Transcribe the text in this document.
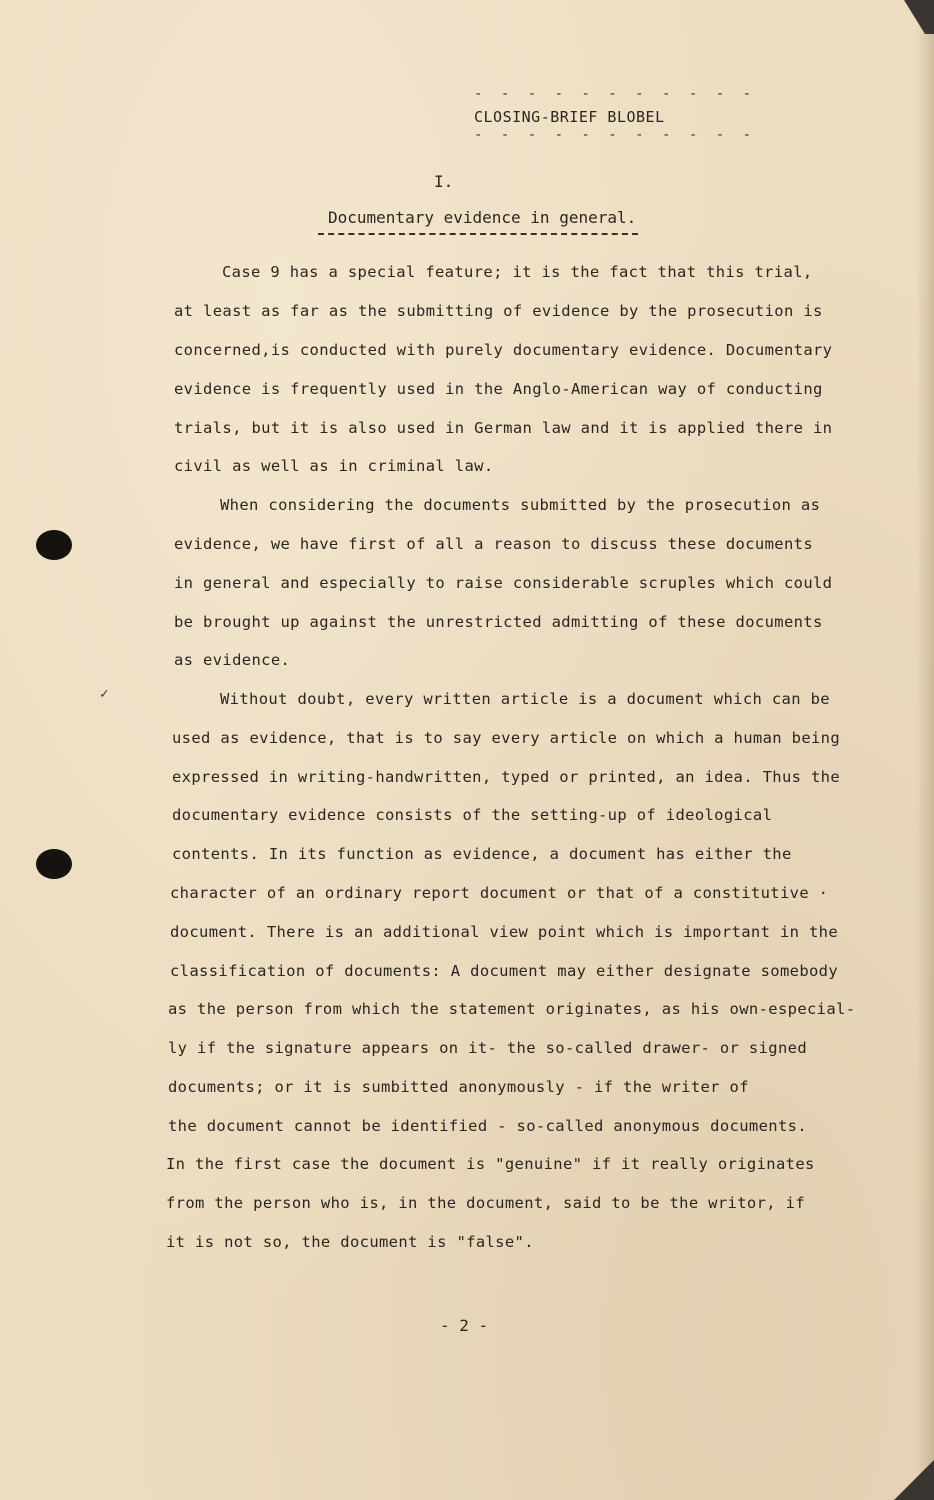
✓
- - - - - - - - - - -
CLOSING-BRIEF BLOBEL
- - - - - - - - - - -
I.
Documentary evidence in general.
Case 9 has a special feature; it is the fact that this trial,
at least as far as the submitting of evidence by the prosecution is
concerned,is conducted with purely documentary evidence. Documentary
evidence is frequently used in the Anglo-American way of conducting
trials, but it is also used in German law and it is applied there in
civil as well as in criminal law.
When considering the documents submitted by the prosecution as
evidence, we have first of all a reason to discuss these documents
in general and especially to raise considerable scruples which could
be brought up against the unrestricted admitting of these documents
as evidence.
Without doubt, every written article is a document which can be
used as evidence, that is to say every article on which a human being
expressed in writing-handwritten, typed or printed, an idea. Thus the
documentary evidence consists of the setting-up of ideological
contents. In its function as evidence, a document has either the
character of an ordinary report document or that of a constitutive ·
document. There is an additional view point which is important in the
classification of documents: A document may either designate somebody
as the person from which the statement originates, as his own-especial-
ly if the signature appears on it- the so-called drawer- or signed
documents; or it is sumbitted anonymously - if the writer of
the document cannot be identified - so-called anonymous documents.
In the first case the document is "genuine" if it really originates
from the person who is, in the document, said to be the writor, if
it is not so, the document is "false".
- 2 -
